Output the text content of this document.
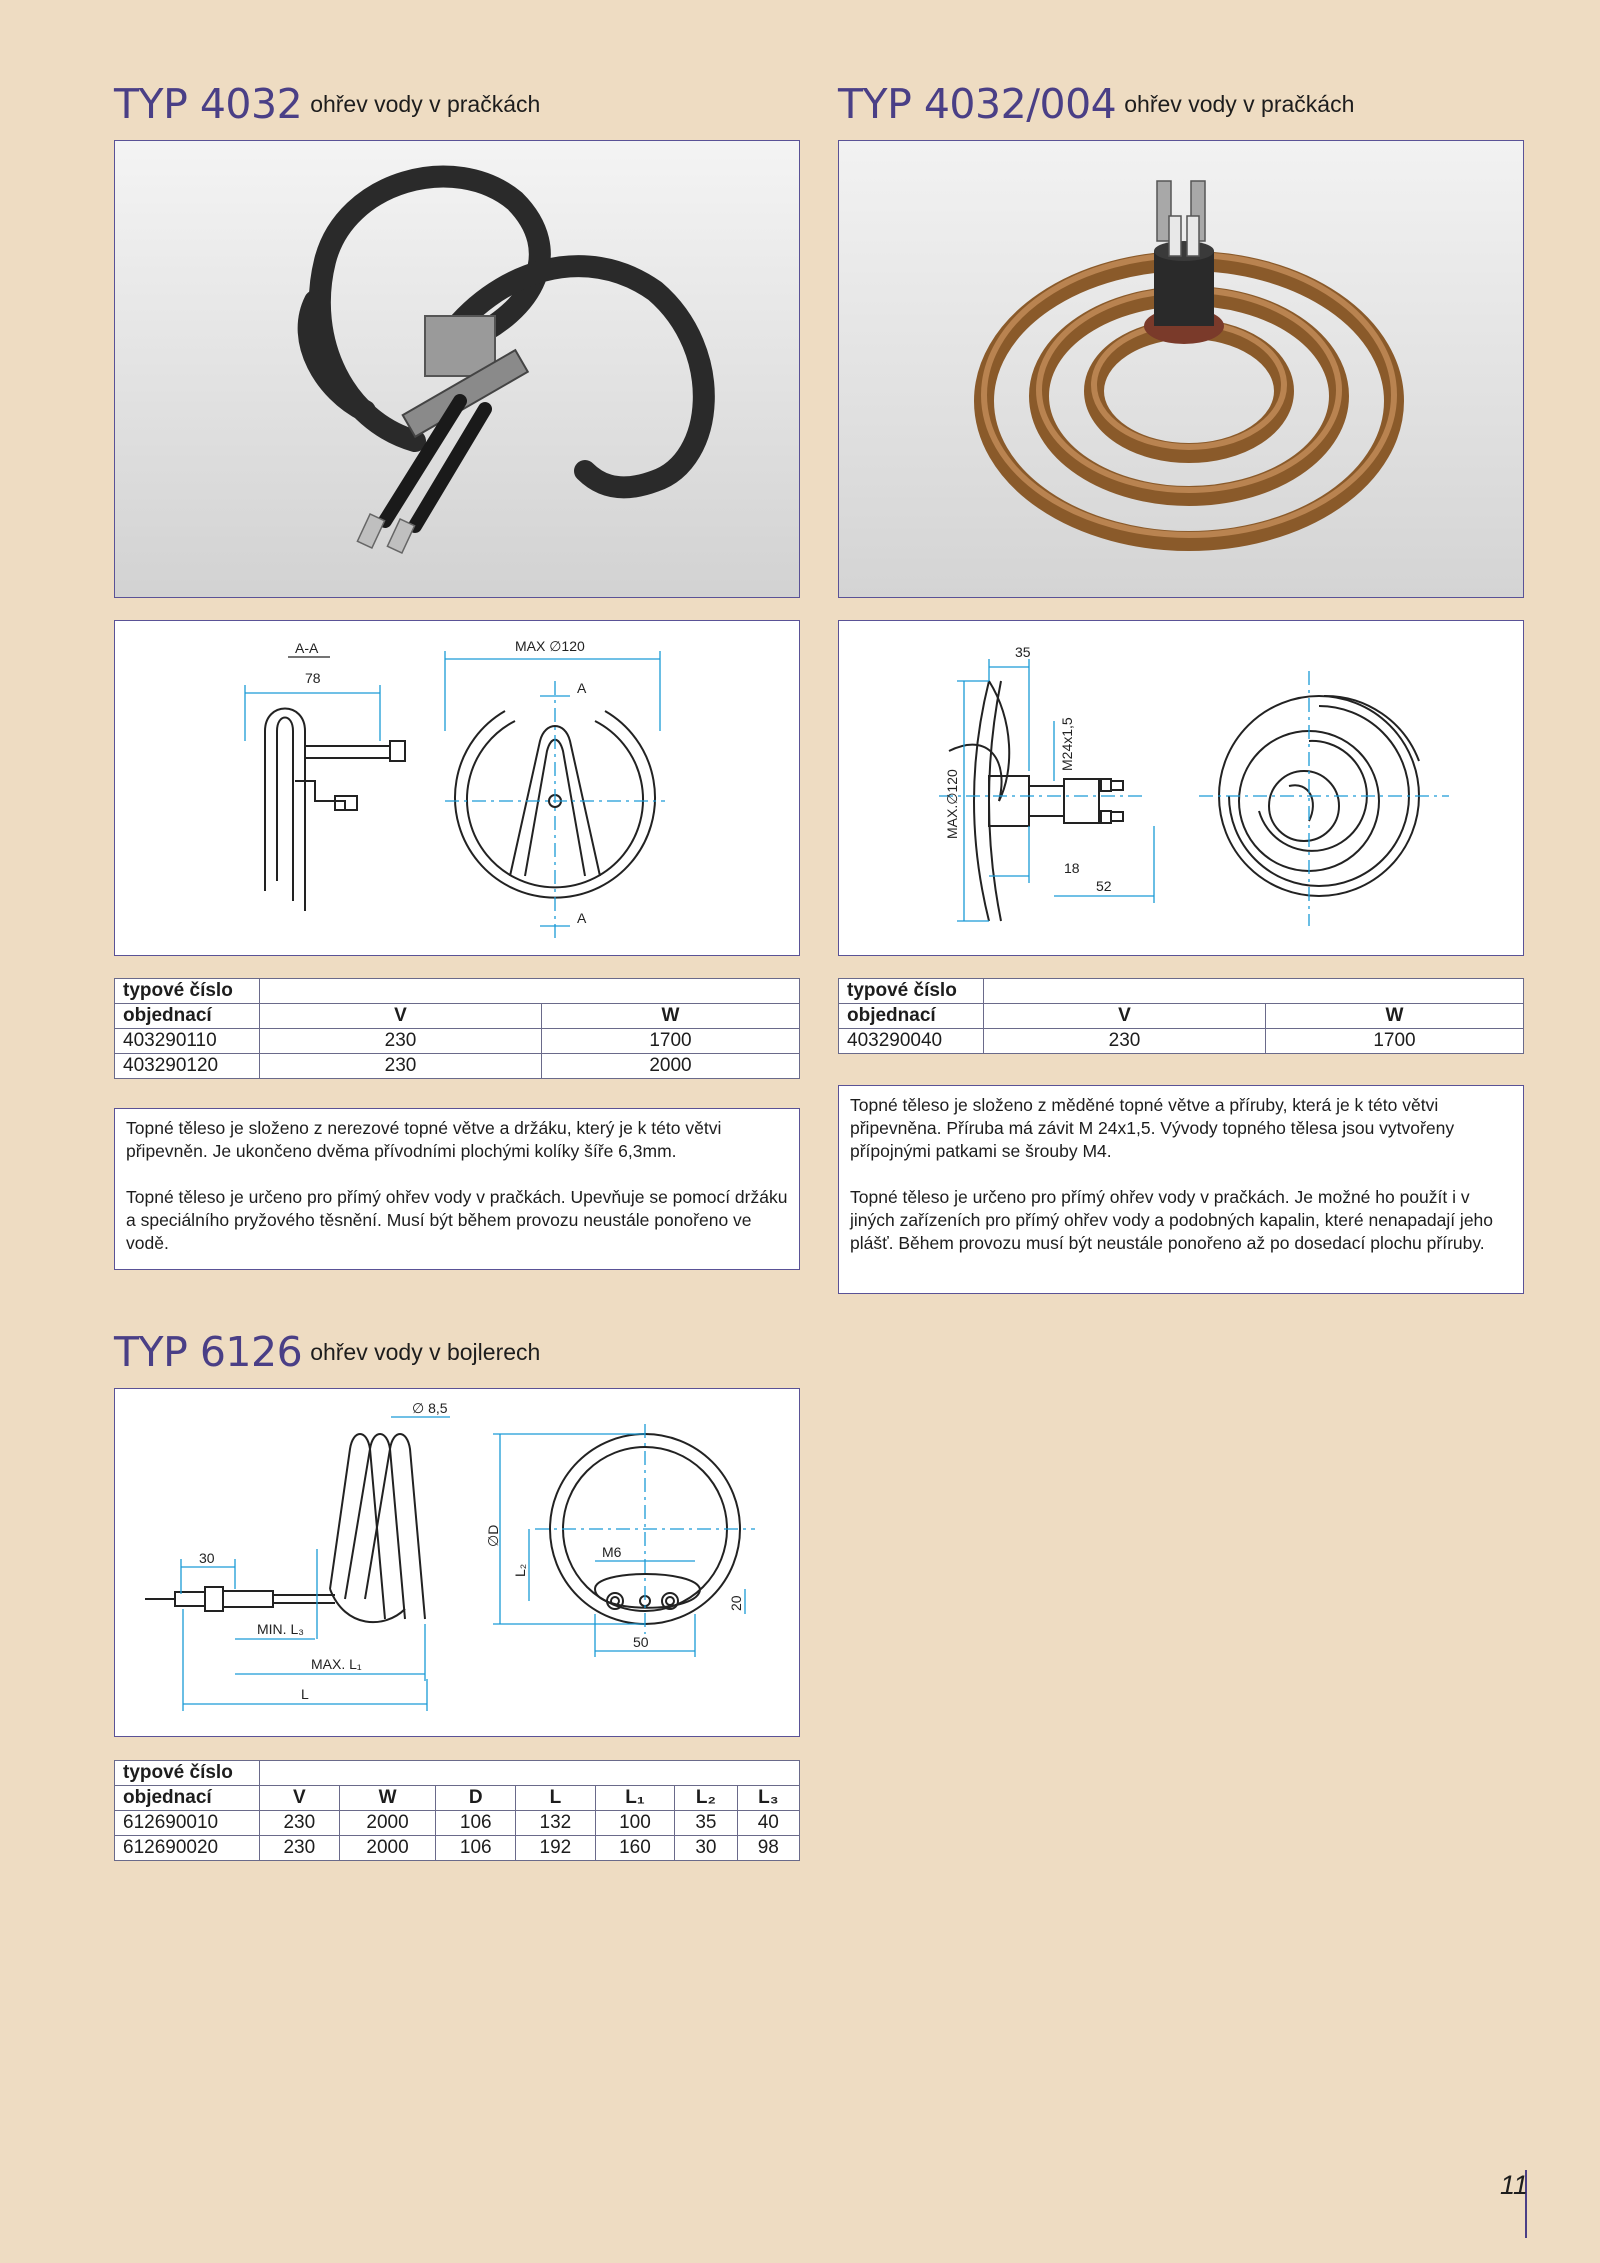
TYP 4032 ohřev vody v pračkách
A-A
78
MAX ∅120
A
A
typové číslo		
objednací	V	W
403290110	230	1700
403290120	230	2000

Topné těleso je složeno z nerezové topné větve a držáku, který je k této větvi připevněn. Je ukončeno dvěma přívodními plochými kolíky šíře 6,3mm.

Topné těleso je určeno pro přímý ohřev vody v pračkách. Upevňuje se pomocí držáku a speciálního pryžového těsnění. Musí být během provozu neustále ponořeno ve vodě.

TYP 4032/004 ohřev vody v pračkách
35
M24x1,5
MAX.∅120
18
52
typové číslo		
objednací	V	W
403290040	230	1700

Topné těleso je složeno z měděné topné větve a příruby, která je k této větvi připevněna. Příruba má závit M 24x1,5. Vývody topného tělesa jsou vytvořeny přípojnými patkami se šrouby M4.

Topné těleso je určeno pro přímý ohřev vody v pračkách. Je možné ho použít i v jiných zařízeních pro přímý ohřev vody a podobných kapalin, které nenapadají jeho plášť. Během provozu musí být neustále ponořeno až po dosedací plochu příruby.

TYP 6126 ohřev vody v bojlerech
∅ 8,5
30
MIN. L₃
MAX. L₁
L
∅D
L₂
M6
20
50
typové číslo							
objednací	V	W	D	L	L₁	L₂	L₃
612690010	230	2000	106	132	100	35	40
612690020	230	2000	106	192	160	30	98
11
